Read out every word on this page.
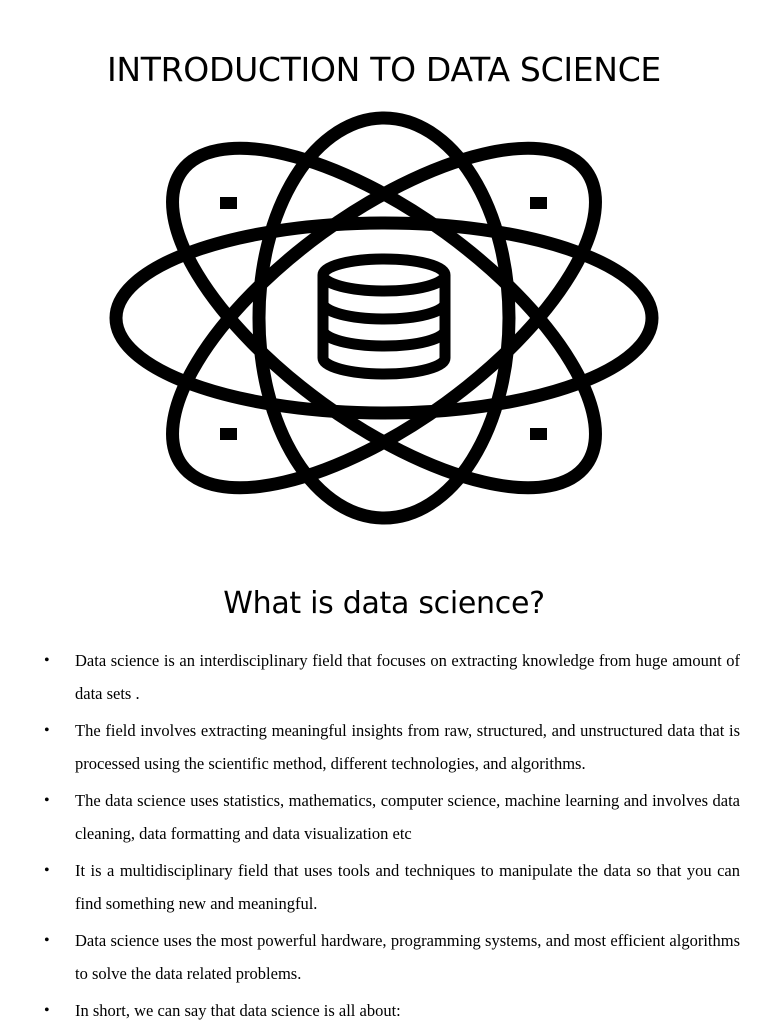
INTRODUCTION TO DATA SCIENCE
What is data science?
• Data science is an interdisciplinary field that focuses on extracting knowledge from huge amount of data sets .
• The field involves extracting meaningful insights from raw, structured, and unstructured data that is processed using the scientific method, different technologies, and algorithms.
• The data science uses statistics, mathematics, computer science, machine learning and involves data cleaning, data formatting and data visualization etc
• It is a multidisciplinary field that uses tools and techniques to manipulate the data so that you can find something new and meaningful.
• Data science uses the most powerful hardware, programming systems, and most efficient algorithms to solve the data related problems.
• In short, we can say that data science is all about:
